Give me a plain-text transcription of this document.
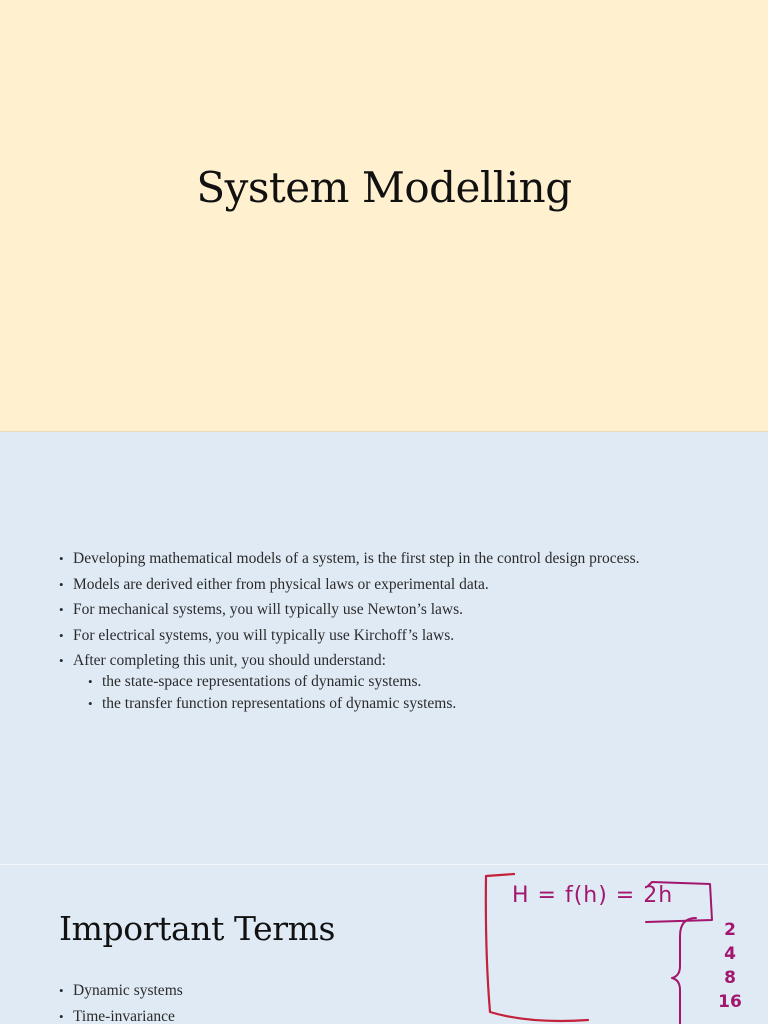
System Modelling
• Developing mathematical models of a system, is the first step in the control design process.
• Models are derived either from physical laws or experimental data.
• For mechanical systems, you will typically use Newton’s laws.
• For electrical systems, you will typically use Kirchoff’s laws.
• After completing this unit, you should understand:
• the state-space representations of dynamic systems.
• the transfer function representations of dynamic systems.
Important Terms
• Dynamic systems
• Time-invariance
H = f(h) = 2h
2
4
8
16
